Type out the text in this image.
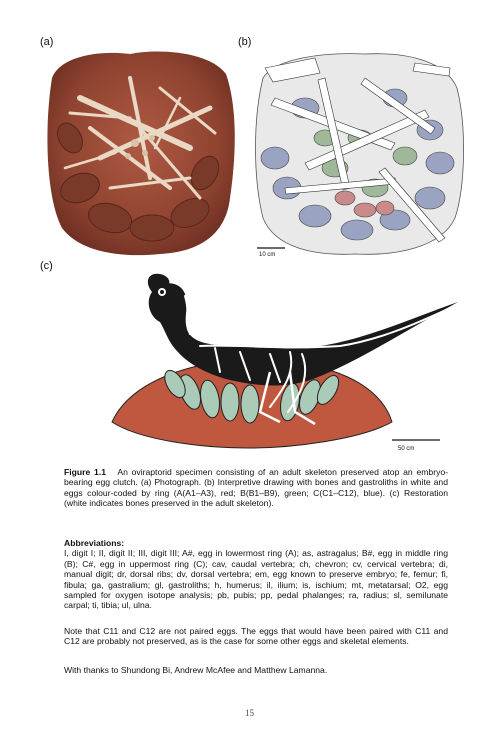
(a)	(b)
(c)
10 cm
50 cm
Figure 1.1 An oviraptorid specimen consisting of an adult skeleton preserved atop an embryo-bearing egg clutch. (a) Photograph. (b) Interpretive drawing with bones and gastroliths in white and eggs colour-coded by ring (A(A1–A3), red; B(B1–B9), green; C(C1–C12), blue). (c) Restoration (white indicates bones preserved in the adult skeleton).
Abbreviations:
I, digit I; II, digit II; III, digit III; A#, egg in lowermost ring (A); as, astragalus; B#, egg in middle ring (B); C#, egg in uppermost ring (C); cav, caudal vertebra; ch, chevron; cv, cervical vertebra; di, manual digit; dr, dorsal ribs; dv, dorsal vertebra; em, egg known to preserve embryo; fe, femur; fi, fibula; ga, gastralium; gl, gastroliths; h, humerus; il, ilium; is, ischium; mt, metatarsal; O2, egg sampled for oxygen isotope analysis; pb, pubis; pp, pedal phalanges; ra, radius; sl, semilunate carpal; ti, tibia; ul, ulna.
Note that C11 and C12 are not paired eggs. The eggs that would have been paired with C11 and C12 are probably not preserved, as is the case for some other eggs and skeletal elements.
With thanks to Shundong Bi, Andrew McAfee and Matthew Lamanna.
15
